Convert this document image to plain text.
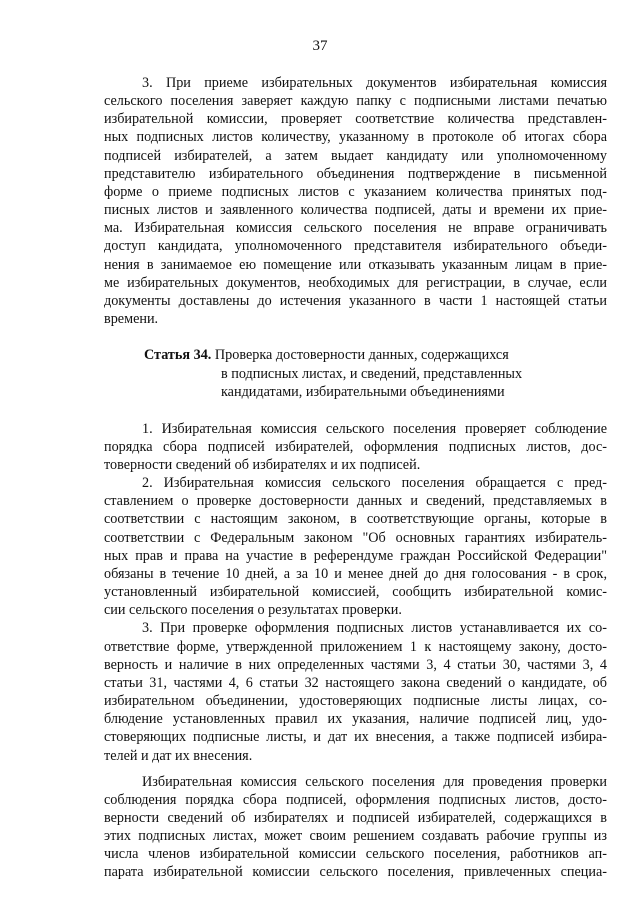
37
3. При приеме избирательных документов избирательная комиссия
сельского поселения заверяет каждую папку с подписными листами печатью
избирательной комиссии, проверяет соответствие количества представлен-
ных подписных листов количеству, указанному в протоколе об итогах сбора
подписей избирателей, а затем выдает кандидату или уполномоченному
представителю избирательного объединения подтверждение в письменной
форме о приеме подписных листов с указанием количества принятых под-
писных листов и заявленного количества подписей, даты и времени их прие-
ма. Избирательная комиссия сельского поселения не вправе ограничивать
доступ кандидата, уполномоченного представителя избирательного объеди-
нения в занимаемое ею помещение или отказывать указанным лицам в прие-
ме избирательных документов, необходимых для регистрации, в случае, если
документы доставлены до истечения указанного в части 1 настоящей статьи
времени.
Статья 34. Проверка достоверности данных, содержащихся
в подписных листах, и сведений, представленных
кандидатами, избирательными объединениями
1. Избирательная комиссия сельского поселения проверяет соблюдение
порядка сбора подписей избирателей, оформления подписных листов, дос-
товерности сведений об избирателях и их подписей.
2. Избирательная комиссия сельского поселения обращается с пред-
ставлением о проверке достоверности данных и сведений, представляемых в
соответствии с настоящим законом, в соответствующие органы, которые в
соответствии с Федеральным законом "Об основных гарантиях избиратель-
ных прав и права на участие в референдуме граждан Российской Федерации"
обязаны в течение 10 дней, а за 10 и менее дней до дня голосования - в срок,
установленный избирательной комиссией, сообщить избирательной комис-
сии сельского поселения о результатах проверки.
3. При проверке оформления подписных листов устанавливается их со-
ответствие форме, утвержденной приложением 1 к настоящему закону, досто-
верность и наличие в них определенных частями 3, 4 статьи 30, частями 3, 4
статьи 31, частями 4, 6 статьи 32 настоящего закона сведений о кандидате, об
избирательном объединении, удостоверяющих подписные листы лицах, со-
блюдение установленных правил их указания, наличие подписей лиц, удо-
стоверяющих подписные листы, и дат их внесения, а также подписей избира-
телей и дат их внесения.
Избирательная комиссия сельского поселения для проведения проверки
соблюдения порядка сбора подписей, оформления подписных листов, досто-
верности сведений об избирателях и подписей избирателей, содержащихся в
этих подписных листах, может своим решением создавать рабочие группы из
числа членов избирательной комиссии сельского поселения, работников ап-
парата избирательной комиссии сельского поселения, привлеченных специа-
